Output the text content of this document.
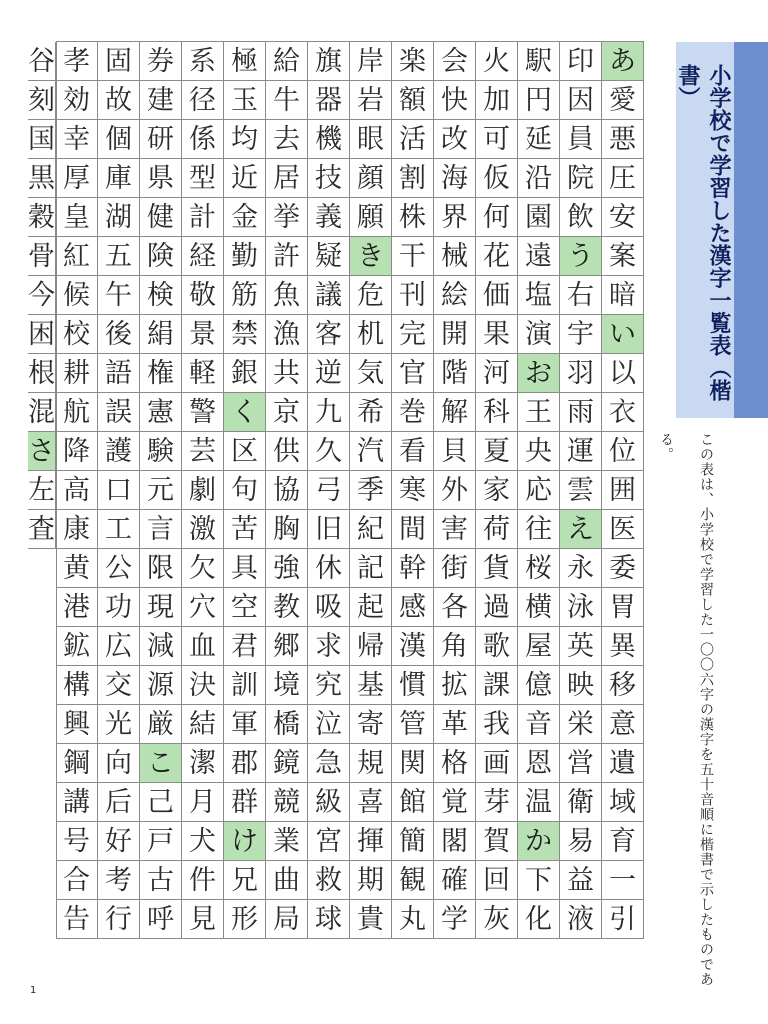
あ
愛
悪
圧
安
案
暗
い
以
衣
位
囲
医
委
胃
異
移
意
遺
域
育
一
引
印
因
員
院
飲
う
右
宇
羽
雨
運
雲
え
永
泳
英
映
栄
営
衛
易
益
液
駅
円
延
沿
園
遠
塩
演
お
王
央
応
往
桜
横
屋
億
音
恩
温
か
下
化
火
加
可
仮
何
花
価
果
河
科
夏
家
荷
貨
過
歌
課
我
画
芽
賀
回
灰
会
快
改
海
界
械
絵
開
階
解
貝
外
害
街
各
角
拡
革
格
覚
閣
確
学
楽
額
活
割
株
干
刊
完
官
巻
看
寒
間
幹
感
漢
慣
管
関
館
簡
観
丸
岸
岩
眼
顔
願
き
危
机
気
希
汽
季
紀
記
起
帰
基
寄
規
喜
揮
期
貴
旗
器
機
技
義
疑
議
客
逆
九
久
弓
旧
休
吸
求
究
泣
急
級
宮
救
球
給
牛
去
居
挙
許
魚
漁
共
京
供
協
胸
強
教
郷
境
橋
鏡
競
業
曲
局
極
玉
均
近
金
勤
筋
禁
銀
く
区
句
苦
具
空
君
訓
軍
郡
群
け
兄
形
系
径
係
型
計
経
敬
景
軽
警
芸
劇
激
欠
穴
血
決
結
潔
月
犬
件
見
券
建
研
県
健
険
検
絹
権
憲
験
元
言
限
現
減
源
厳
こ
己
戸
古
呼
固
故
個
庫
湖
五
午
後
語
誤
護
口
工
公
功
広
交
光
向
后
好
考
行
孝
効
幸
厚
皇
紅
候
校
耕
航
降
高
康
黄
港
鉱
構
興
鋼
講
号
合
告
谷
刻
国
黒
穀
骨
今
困
根
混
さ
左
査
小学校で学習した漢字一覧表（楷書）
この表は、小学校で学習した一〇〇六字の漢字を五十音順に楷書で示したものである。
1
